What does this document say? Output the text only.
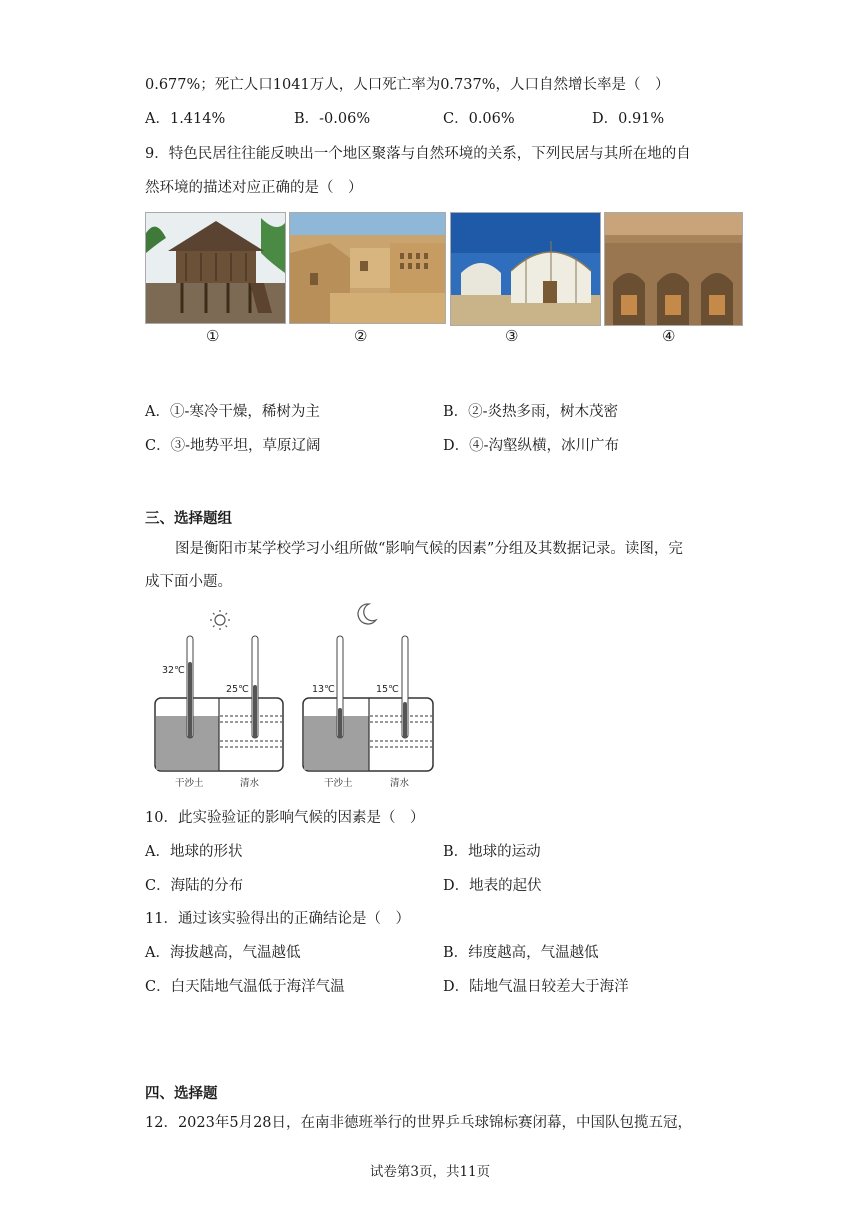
0.677%；死亡人口1041万人，人口死亡率为0.737%，人口自然增长率是（　）
A．1.414%	B．-0.06%	C．0.06%	D．0.91%
9．特色民居往往能反映出一个地区聚落与自然环境的关系，下列民居与其所在地的自
然环境的描述对应正确的是（　）
①	②	③	④
A．①-寒冷干燥，稀树为主	B．②-炎热多雨，树木茂密
C．③-地势平坦，草原辽阔	D．④-沟壑纵横，冰川广布
三、选择题组
图是衡阳市某学校学习小组所做“影响气候的因素”分组及其数据记录。读图，完
成下面小题。
32℃
25℃
干沙土	清水
13℃	15℃
干沙土	清水
10．此实验验证的影响气候的因素是（　）
A．地球的形状	B．地球的运动
C．海陆的分布	D．地表的起伏
11．通过该实验得出的正确结论是（　）
A．海拔越高，气温越低	B．纬度越高，气温越低
C．白天陆地气温低于海洋气温	D．陆地气温日较差大于海洋
四、选择题
12．2023年5月28日，在南非德班举行的世界乒乓球锦标赛闭幕，中国队包揽五冠，
试卷第3页，共11页
